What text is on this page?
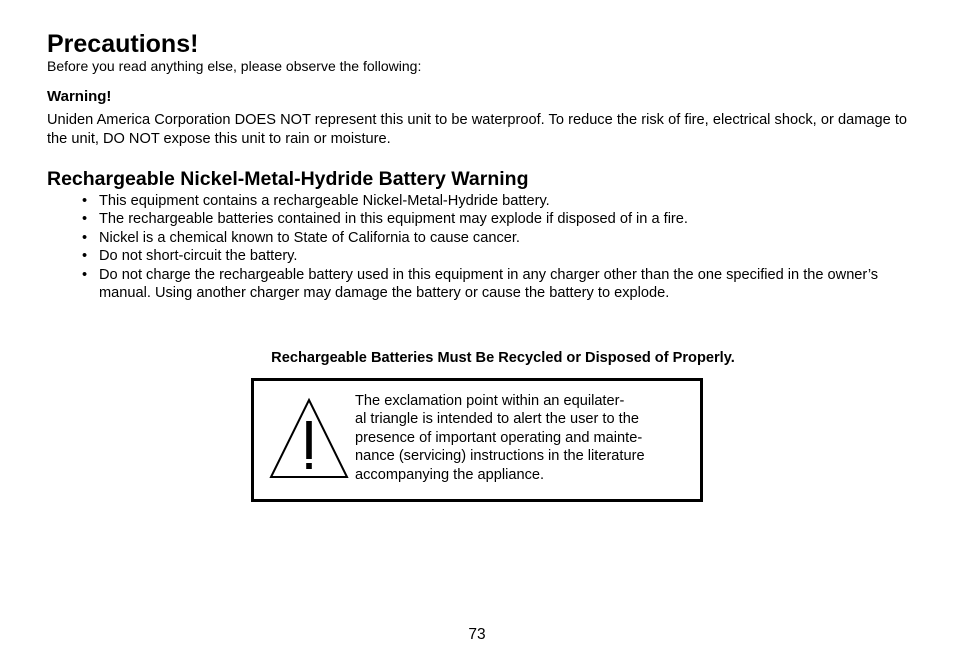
Precautions!
Before you read anything else, please observe the following:
Warning!

Uniden America Corporation DOES NOT represent this unit to be waterproof. To reduce the risk of fire, electrical shock, or damage to the unit, DO NOT expose this unit to rain or moisture.

Rechargeable Nickel-Metal-Hydride Battery Warning
• This equipment contains a rechargeable Nickel-Metal-Hydride battery.
• The rechargeable batteries contained in this equipment may explode if disposed of in a fire.
• Nickel is a chemical known to State of California to cause cancer.
• Do not short-circuit the battery.
• Do not charge the rechargeable battery used in this equipment in any charger other than the one specified in the owner’s manual. Using another charger may damage the battery or cause the battery to explode.
Rechargeable Batteries Must Be Recycled or Disposed of Properly.
The exclamation point within an equilater-
al triangle is intended to alert the user to the
presence of important operating and mainte-
nance (servicing) instructions in the literature
accompanying the appliance.
73
